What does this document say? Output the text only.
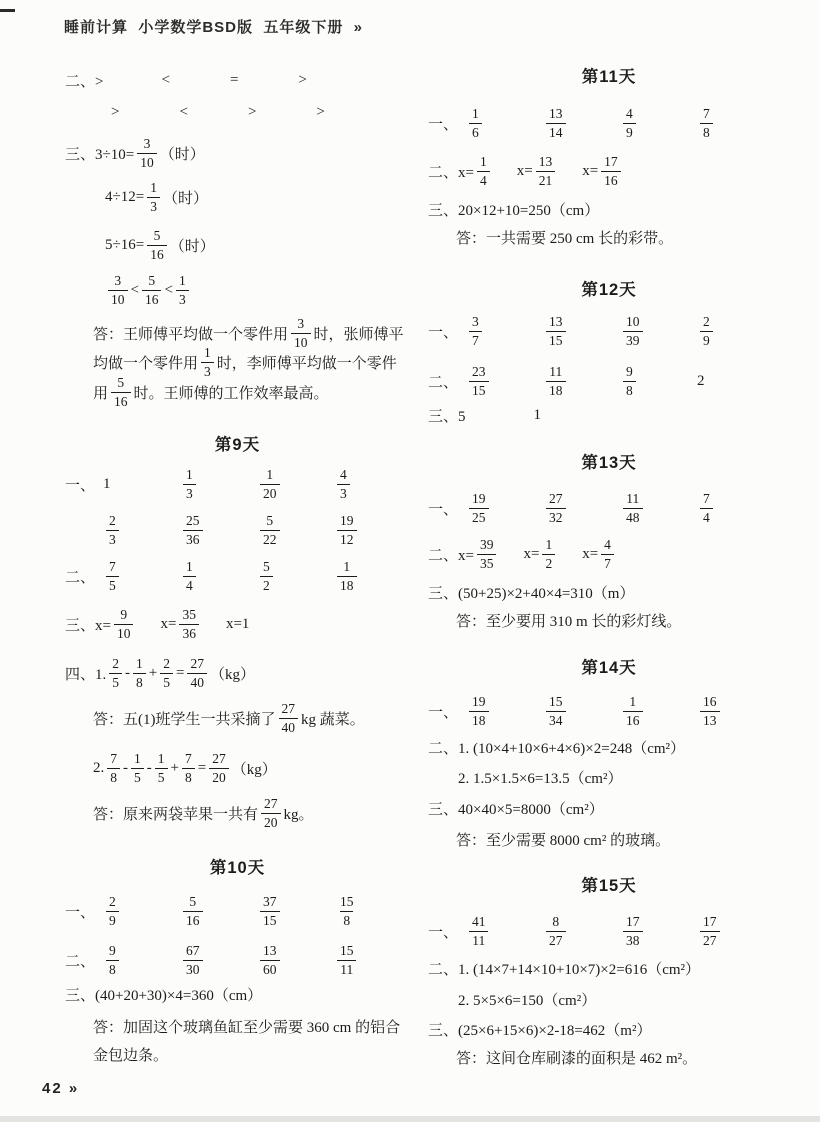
睡前计算  小学数学BSD版  五年级下册  »
二、>	<	=	>
>	<	>	>
三、$3\div 10= \frac{3}{10}$ （时）
$4\div 12= \frac{1}{3}$ （时）
$5\div 16= \frac{5}{16}$ （时）
$\frac{3}{10} < \frac{5}{16} < \frac{1}{3}$
答：王师傅平均做一个零件用 $\frac{3}{10}$ 时，张师傅平
均做一个零件用 $\frac{1}{3}$ 时，李师傅平均做一个零件
用 $\frac{5}{16}$ 时。王师傅的工作效率最高。
第9天
一、 1	$\frac{1}{3}$	$\frac{1}{20}$	$\frac{4}{3}$
$\frac{2}{3}$	$\frac{25}{36}$	$\frac{5}{22}$	$\frac{19}{12}$
二、 $\frac{7}{5}$	$\frac{1}{4}$	$\frac{5}{2}$	$\frac{1}{18}$
三、$x= \frac{9}{10} x= \frac{35}{36} x=1$
四、1. $\frac{2}{5} - \frac{1}{8} + \frac{2}{5} = \frac{27}{40} (kg)$
答：五(1)班学生一共采摘了 $\frac{27}{40}$ kg 蔬菜。
2. $\frac{7}{8} - \frac{1}{5} - \frac{1}{5} + \frac{7}{8} = \frac{27}{20} (kg)$
答：原来两袋苹果一共有 $\frac{27}{20}$ kg。
第10天
一、 $\frac{2}{9}$	$\frac{5}{16}$	$\frac{37}{15}$	$\frac{15}{8}$
二、 $\frac{9}{8}$	$\frac{67}{30}$	$\frac{13}{60}$	$\frac{15}{11}$
三、(40+20+30)×4=360（cm）
答：加固这个玻璃鱼缸至少需要 360 cm 的铝合
金包边条。
第11天
一、 $\frac{1}{6}$	$\frac{13}{14}$	$\frac{4}{9}$	$\frac{7}{8}$
二、$x= \frac{1}{4} x= \frac{13}{21} x= \frac{17}{16}$
三、20×12+10=250（cm）
答：一共需要 250 cm 长的彩带。
第12天
一、 $\frac{3}{7}$	$\frac{13}{15}$	$\frac{10}{39}$	$\frac{2}{9}$
二、 $\frac{23}{15}$	$\frac{11}{18}$	$\frac{9}{8}$	2
三、5	1
第13天
一、 $\frac{19}{25}$	$\frac{27}{32}$	$\frac{11}{48}$	$\frac{7}{4}$
二、$x= \frac{39}{35} x= \frac{1}{2} x= \frac{4}{7}$
三、(50+25)×2+40×4=310（m）
答：至少要用 310 m 长的彩灯线。
第14天
一、 $\frac{19}{18}$	$\frac{15}{34}$	$\frac{1}{16}$	$\frac{16}{13}$
二、1. (10×4+10×6+4×6)×2=248（cm²）
2. 1.5×1.5×6=13.5（cm²）
三、40×40×5=8000（cm²）
答：至少需要 8000 cm² 的玻璃。
第15天
一、 $\frac{41}{11}$	$\frac{8}{27}$	$\frac{17}{38}$	$\frac{17}{27}$
二、1. (14×7+14×10+10×7)×2=616（cm²）
2. 5×5×6=150（cm²）
三、(25×6+15×6)×2-18=462（m²）
答：这间仓库刷漆的面积是 462 m²。
42 »
